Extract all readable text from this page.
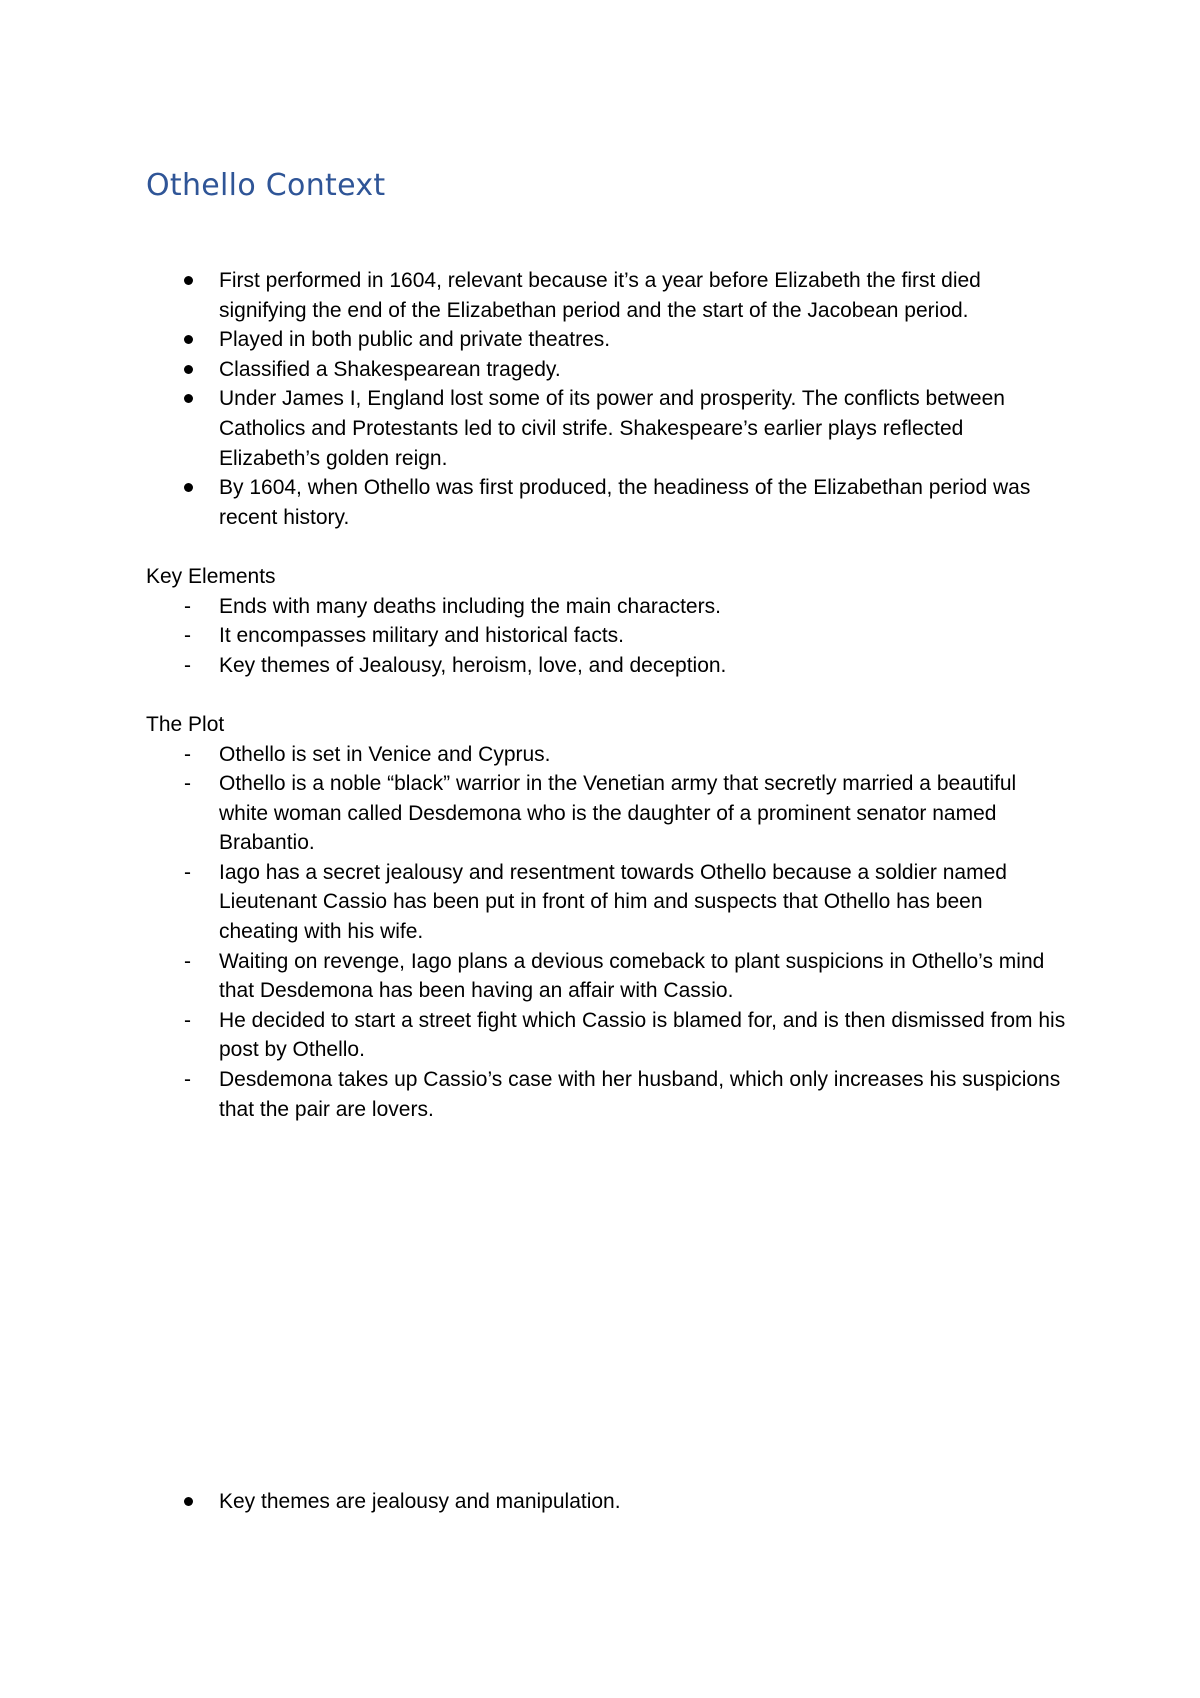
Othello Context
First performed in 1604, relevant because it’s a year before Elizabeth the first died signifying the end of the Elizabethan period and the start of the Jacobean period.
Played in both public and private theatres.
Classified a Shakespearean tragedy.
Under James I, England lost some of its power and prosperity. The conflicts between Catholics and Protestants led to civil strife. Shakespeare’s earlier plays reflected Elizabeth’s golden reign.
By 1604, when Othello was first produced, the headiness of the Elizabethan period was recent history.
Key Elements
- Ends with many deaths including the main characters.
- It encompasses military and historical facts.
- Key themes of Jealousy, heroism, love, and deception.
The Plot
- Othello is set in Venice and Cyprus.
- Othello is a noble “black” warrior in the Venetian army that secretly married a beautiful white woman called Desdemona who is the daughter of a prominent senator named Brabantio.
- Iago has a secret jealousy and resentment towards Othello because a soldier named Lieutenant Cassio has been put in front of him and suspects that Othello has been cheating with his wife.
- Waiting on revenge, Iago plans a devious comeback to plant suspicions in Othello’s mind that Desdemona has been having an affair with Cassio.
- He decided to start a street fight which Cassio is blamed for, and is then dismissed from his post by Othello.
- Desdemona takes up Cassio’s case with her husband, which only increases his suspicions that the pair are lovers.
Key themes are jealousy and manipulation.
